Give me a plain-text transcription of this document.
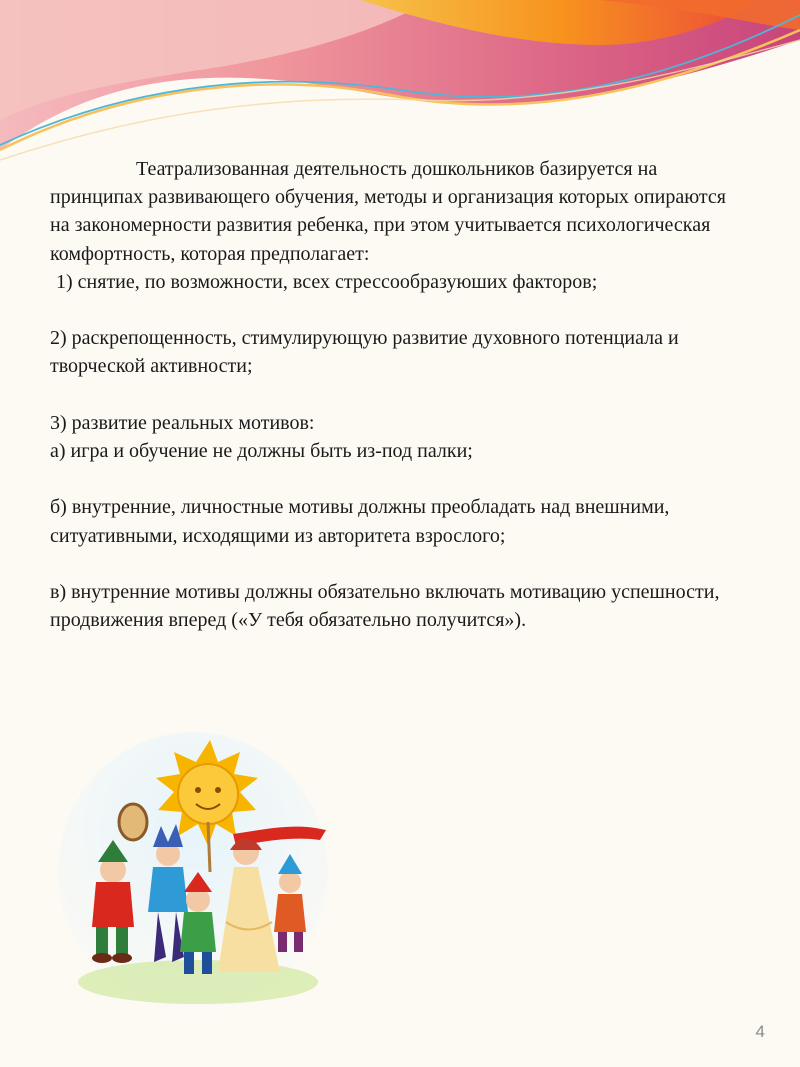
Театрализованная деятельность дошкольников базируется на принципах развивающего обучения, методы и организация которых опираются на закономерности развития ребенка, при этом учитывается психологическая комфортность, которая предполагает:

1) снятие, по возможности, всех стрессообразуюших факторов;

2) раскрепощенность, стимулирующую развитие духовного потенциала и творческой активности;

3) развитие реальных мотивов:

а) игра и обучение не должны быть из-под палки;

б) внутренние, личностные мотивы должны преобладать над внешними, ситуативными, исходящими из авторитета взрослого;

в) внутренние мотивы должны обязательно включать мотивацию успешности, продвижения вперед («У тебя обязательно получится»).

4
